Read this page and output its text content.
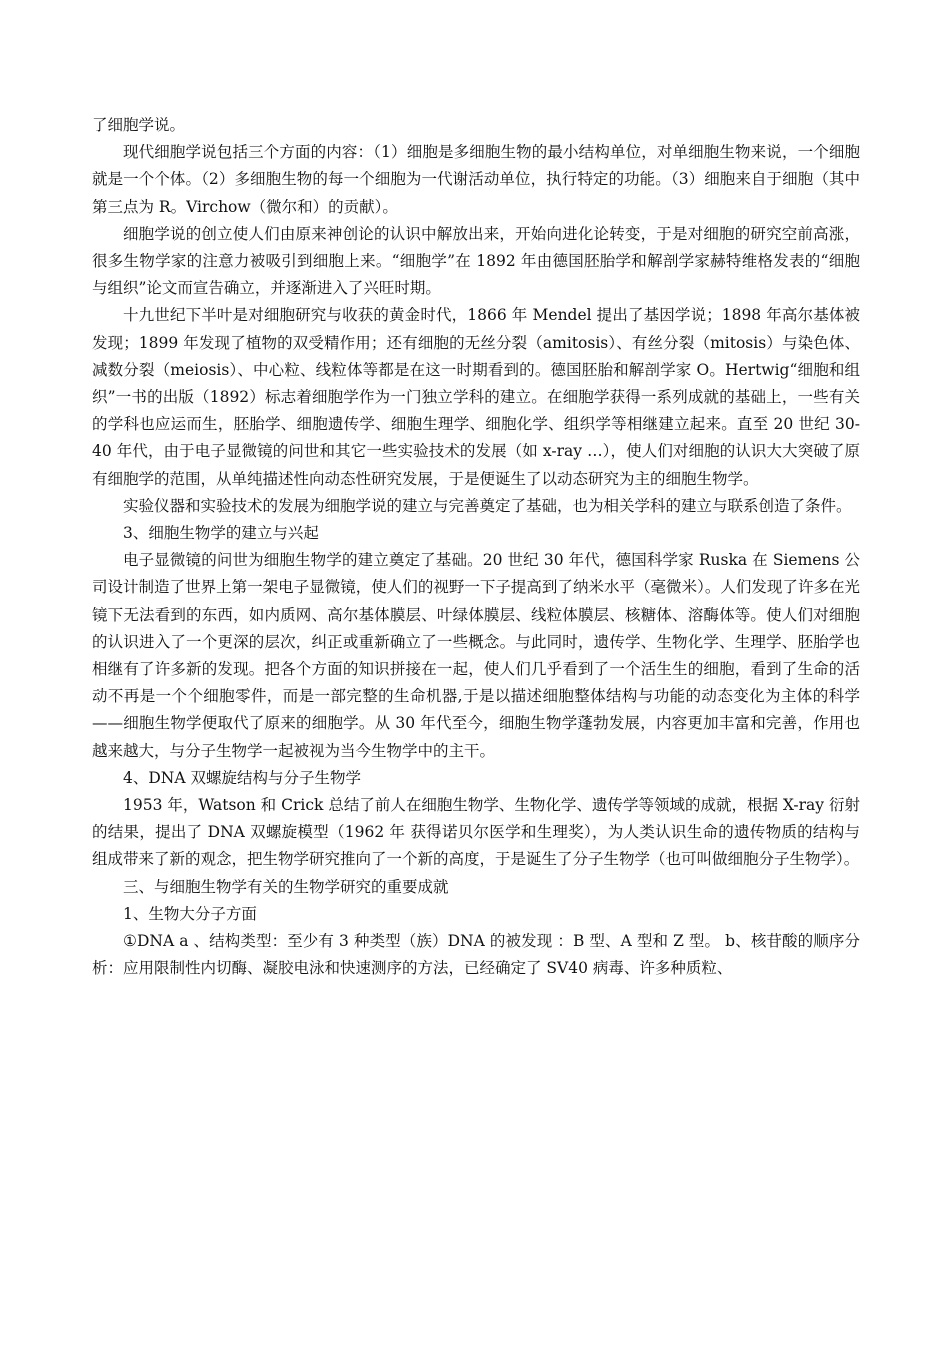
了细胞学说。

现代细胞学说包括三个方面的内容：（1）细胞是多细胞生物的最小结构单位，对单细胞生物来说，一个细胞就是一个个体。（2）多细胞生物的每一个细胞为一代谢活动单位，执行特定的功能。（3）细胞来自于细胞（其中第三点为 R。Virchow（微尔和）的贡献）。

细胞学说的创立使人们由原来神创论的认识中解放出来，开始向进化论转变，于是对细胞的研究空前高涨，很多生物学家的注意力被吸引到细胞上来。“细胞学”在 1892 年由德国胚胎学和解剖学家赫特维格发表的“细胞与组织”论文而宣告确立，并逐渐进入了兴旺时期。

十九世纪下半叶是对细胞研究与收获的黄金时代，1866 年 Mendel 提出了基因学说；1898 年高尔基体被发现；1899 年发现了植物的双受精作用；还有细胞的无丝分裂（amitosis）、有丝分裂（mitosis）与染色体、减数分裂（meiosis）、中心粒、线粒体等都是在这一时期看到的。德国胚胎和解剖学家 O。Hertwig“细胞和组织”一书的出版（1892）标志着细胞学作为一门独立学科的建立。在细胞学获得一系列成就的基础上，一些有关的学科也应运而生，胚胎学、细胞遗传学、细胞生理学、细胞化学、组织学等相继建立起来。直至 20 世纪 30-40 年代，由于电子显微镜的问世和其它一些实验技术的发展（如 x-ray …），使人们对细胞的认识大大突破了原有细胞学的范围，从单纯描述性向动态性研究发展，于是便诞生了以动态研究为主的细胞生物学。

实验仪器和实验技术的发展为细胞学说的建立与完善奠定了基础，也为相关学科的建立与联系创造了条件。

3、细胞生物学的建立与兴起

电子显微镜的问世为细胞生物学的建立奠定了基础。20 世纪 30 年代，德国科学家 Ruska 在 Siemens 公司设计制造了世界上第一架电子显微镜，使人们的视野一下子提高到了纳米水平（毫微米）。人们发现了许多在光镜下无法看到的东西，如内质网、高尔基体膜层、叶绿体膜层、线粒体膜层、核糖体、溶酶体等。使人们对细胞的认识进入了一个更深的层次，纠正或重新确立了一些概念。与此同时，遗传学、生物化学、生理学、胚胎学也相继有了许多新的发现。把各个方面的知识拼接在一起，使人们几乎看到了一个活生生的细胞，看到了生命的活动不再是一个个细胞零件，而是一部完整的生命机器,于是以描述细胞整体结构与功能的动态变化为主体的科学——细胞生物学便取代了原来的细胞学。从 30 年代至今，细胞生物学蓬勃发展，内容更加丰富和完善，作用也越来越大，与分子生物学一起被视为当今生物学中的主干。

4、DNA 双螺旋结构与分子生物学

1953 年，Watson 和 Crick 总结了前人在细胞生物学、生物化学、遗传学等领域的成就，根据 X-ray 衍射的结果，提出了 DNA 双螺旋模型（1962 年 获得诺贝尔医学和生理奖），为人类认识生命的遗传物质的结构与组成带来了新的观念，把生物学研究推向了一个新的高度，于是诞生了分子生物学（也可叫做细胞分子生物学）。

三、与细胞生物学有关的生物学研究的重要成就

1、生物大分子方面

①DNA a 、结构类型：至少有 3 种类型（族）DNA 的被发现 ：B 型、A 型和 Z 型。 b、核苷酸的顺序分析：应用限制性内切酶、凝胶电泳和快速测序的方法，已经确定了 SV40 病毒、许多种质粒、
